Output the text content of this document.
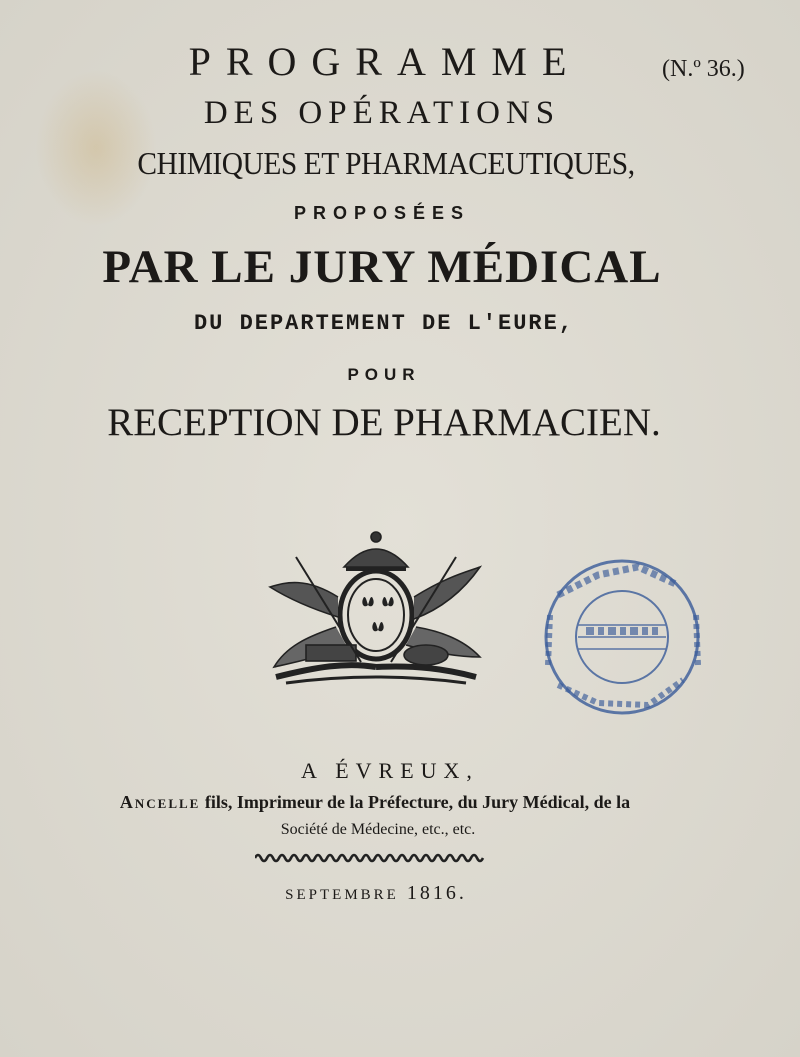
PROGRAMME	(N.º 36.)
DES OPÉRATIONS
CHIMIQUES ET PHARMACEUTIQUES,
PROPOSÉES
PAR LE JURY MÉDICAL
DU DEPARTEMENT DE L'EURE,
POUR
RECEPTION DE PHARMACIEN.
A ÉVREUX,
Ancelle fils, Imprimeur de la Préfecture, du Jury Médical, de la
Société de Médecine, etc., etc.
SEPTEMBRE 1816.
